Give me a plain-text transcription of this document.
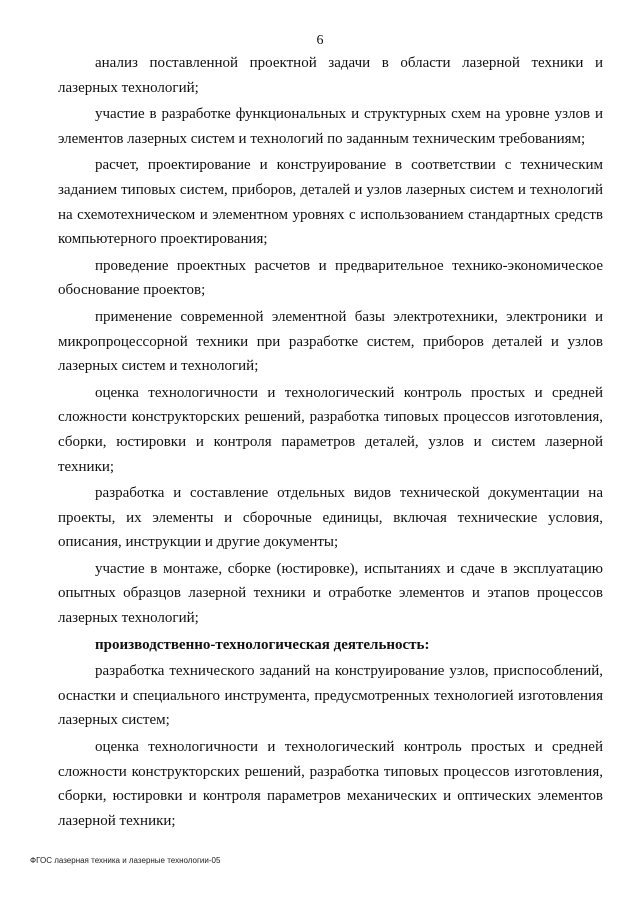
6

анализ поставленной проектной задачи в области лазерной техники и лазерных технологий;

участие в разработке функциональных и структурных схем на уровне узлов и элементов лазерных систем и технологий по заданным техническим требованиям;

расчет, проектирование и конструирование в соответствии с техническим заданием типовых систем, приборов, деталей и узлов лазерных систем и технологий на схемотехническом и элементном уровнях с использованием стандартных средств компьютерного проектирования;

проведение проектных расчетов и предварительное технико-экономическое обоснование проектов;

применение современной элементной базы электротехники, электроники и микропроцессорной техники при разработке систем, приборов деталей и узлов лазерных систем и технологий;

оценка технологичности и технологический контроль простых и средней сложности конструкторских решений, разработка типовых процессов изготовления, сборки, юстировки и контроля параметров деталей, узлов и систем лазерной техники;

разработка и составление отдельных видов технической документации на проекты, их элементы и сборочные единицы, включая технические условия, описания, инструкции и другие документы;

участие в монтаже, сборке (юстировке), испытаниях и сдаче в эксплуатацию опытных образцов лазерной техники и отработке элементов и этапов процессов лазерных технологий;

производственно-технологическая деятельность:

разработка технического заданий на конструирование узлов, приспособлений, оснастки и специального инструмента, предусмотренных технологией изготовления лазерных систем;

оценка технологичности и технологический контроль простых и средней сложности конструкторских решений, разработка типовых процессов изготовления, сборки, юстировки и контроля параметров механических и оптических элементов лазерной техники;

ФГОС лазерная техника и лазерные технологии-05
